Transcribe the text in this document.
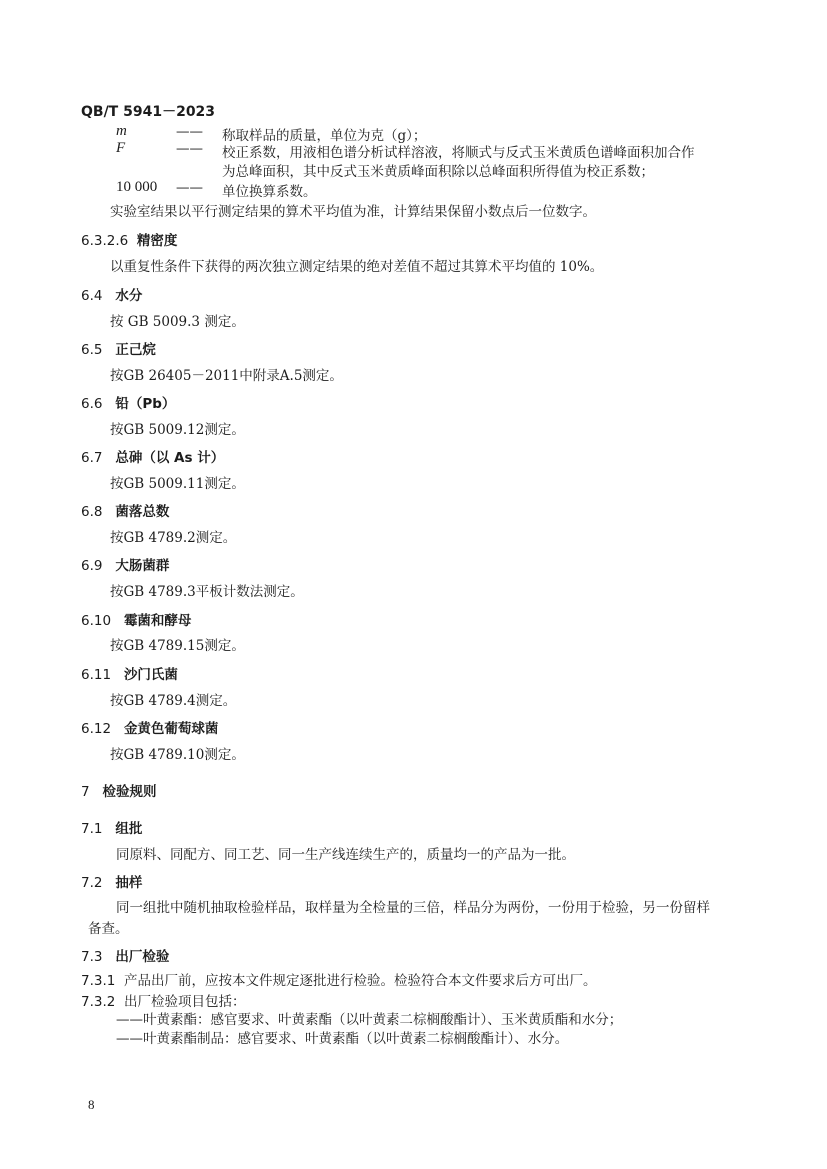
QB/T 5941－2023
m	—— 称取样品的质量，单位为克（g）；
F	—— 校正系数，用液相色谱分析试样溶液，将顺式与反式玉米黄质色谱峰面积加合作
为总峰面积，其中反式玉米黄质峰面积除以总峰面积所得值为校正系数；
10 000 —— 单位换算系数。
实验室结果以平行测定结果的算术平均值为准，计算结果保留小数点后一位数字。
6.3.2.6 精密度
以重复性条件下获得的两次独立测定结果的绝对差值不超过其算术平均值的 10%。
6.4 水分
按 GB 5009.3 测定。
6.5 正己烷
按GB 26405－2011中附录A.5测定。
6.6 铅（Pb）
按GB 5009.12测定。
6.7 总砷（以 As 计）
按GB 5009.11测定。
6.8 菌落总数
按GB 4789.2测定。
6.9 大肠菌群
按GB 4789.3平板计数法测定。
6.10 霉菌和酵母
按GB 4789.15测定。
6.11 沙门氏菌
按GB 4789.4测定。
6.12 金黄色葡萄球菌
按GB 4789.10测定。
7 检验规则
7.1 组批
同原料、同配方、同工艺、同一生产线连续生产的，质量均一的产品为一批。
7.2 抽样
同一组批中随机抽取检验样品，取样量为全检量的三倍，样品分为两份，一份用于检验，另一份留样
备查。
7.3 出厂检验
7.3.1 产品出厂前，应按本文件规定逐批进行检验。检验符合本文件要求后方可出厂。
7.3.2 出厂检验项目包括：
——叶黄素酯：感官要求、叶黄素酯（以叶黄素二棕榈酸酯计）、玉米黄质酯和水分；
——叶黄素酯制品：感官要求、叶黄素酯（以叶黄素二棕榈酸酯计）、水分。
8
